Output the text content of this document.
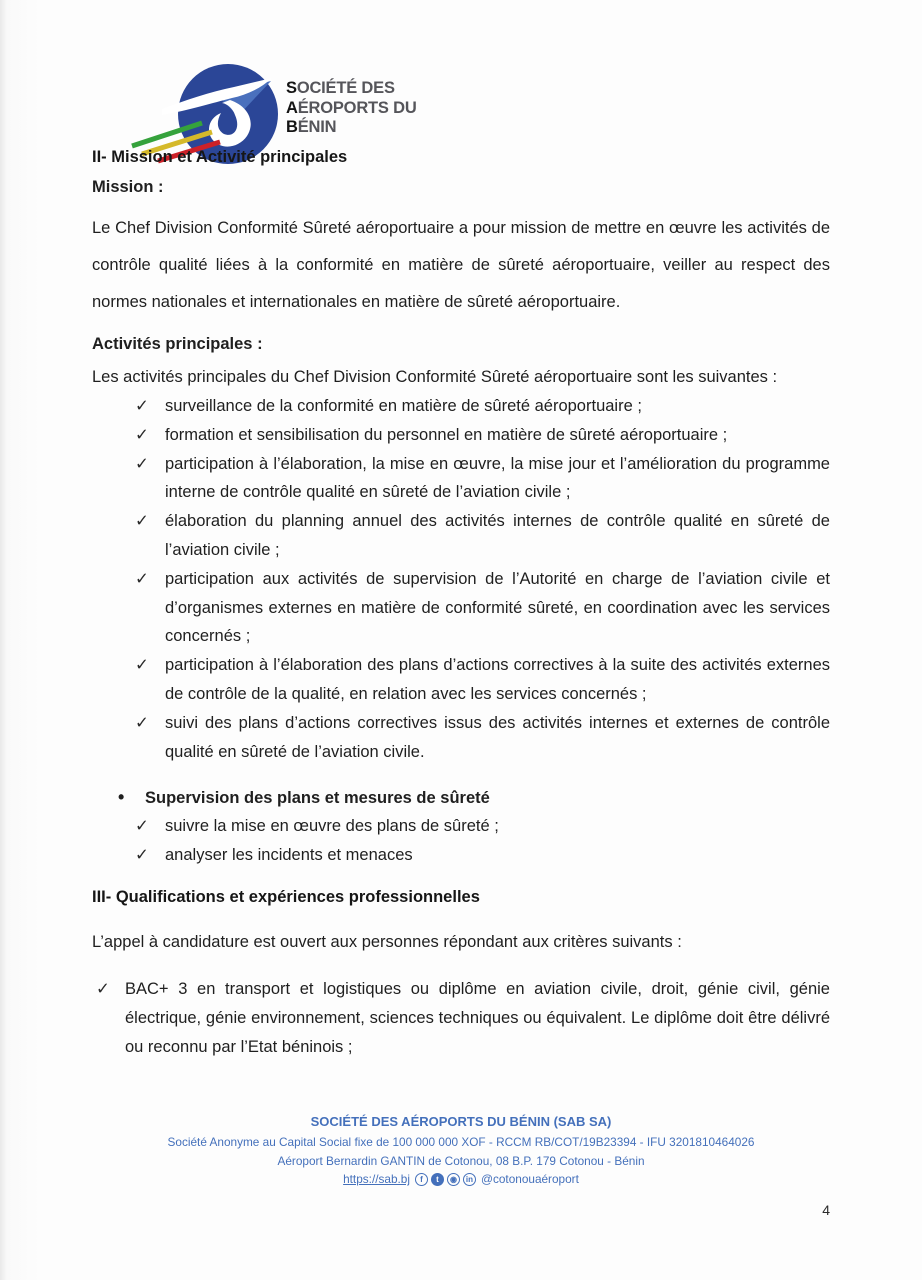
SOCIÉTÉ DES
AÉROPORTS DU
BÉNIN
II- Mission et Activité principales
Mission :
Le Chef Division Conformité Sûreté aéroportuaire a pour mission de mettre en œuvre les activités de contrôle qualité liées à la conformité en matière de sûreté aéroportuaire, veiller au respect des normes nationales et internationales en matière de sûreté aéroportuaire.
Activités principales :
Les activités principales du Chef Division Conformité Sûreté aéroportuaire sont les suivantes :
✓ surveillance de la conformité en matière de sûreté aéroportuaire ;
✓ formation et sensibilisation du personnel en matière de sûreté aéroportuaire ;
✓ participation à l’élaboration, la mise en œuvre, la mise jour et l’amélioration du programme interne de contrôle qualité en sûreté de l’aviation civile ;
✓ élaboration du planning annuel des activités internes de contrôle qualité en sûreté de l’aviation civile ;
✓ participation aux activités de supervision de l’Autorité en charge de l’aviation civile et d’organismes externes en matière de conformité sûreté, en coordination avec les services concernés ;
✓ participation à l’élaboration des plans d’actions correctives à la suite des activités externes de contrôle de la qualité, en relation avec les services concernés ;
✓ suivi des plans d’actions correctives issus des activités internes et externes de contrôle qualité en sûreté de l’aviation civile.
• Supervision des plans et mesures de sûreté
✓ suivre la mise en œuvre des plans de sûreté ;
✓ analyser les incidents et menaces
III- Qualifications et expériences professionnelles
L’appel à candidature est ouvert aux personnes répondant aux critères suivants :
✓ BAC+ 3 en transport et logistiques ou diplôme en aviation civile, droit, génie civil, génie électrique, génie environnement, sciences techniques ou équivalent. Le diplôme doit être délivré ou reconnu par l’Etat béninois ;
SOCIÉTÉ DES AÉROPORTS DU BÉNIN (SAB SA)
Société Anonyme au Capital Social fixe de 100 000 000 XOF - RCCM RB/COT/19B23394 - IFU 3201810464026
Aéroport Bernardin GANTIN de Cotonou, 08 B.P. 179 Cotonou - Bénin
https://sab.bj	f	t	◉	in @cotonouaéroport
4
